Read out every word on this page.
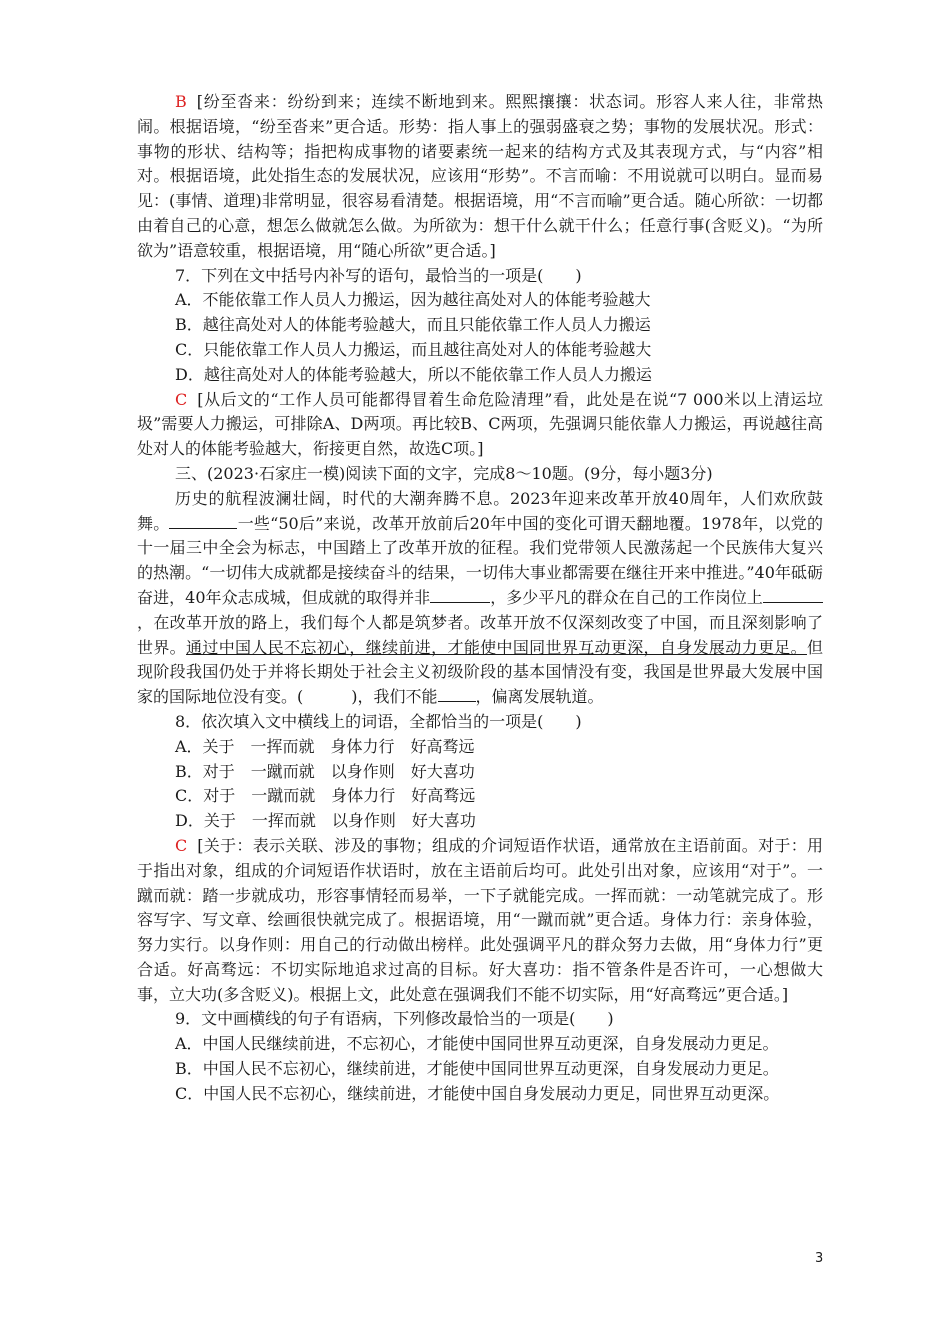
B [纷至沓来：纷纷到来；连续不断地到来。熙熙攘攘：状态词。形容人来人往，非常热闹。根据语境，“纷至沓来”更合适。形势：指人事上的强弱盛衰之势；事物的发展状况。形式：事物的形状、结构等；指把构成事物的诸要素统一起来的结构方式及其表现方式，与“内容”相对。根据语境，此处指生态的发展状况，应该用“形势”。不言而喻：不用说就可以明白。显而易见：(事情、道理)非常明显，很容易看清楚。根据语境，用“不言而喻”更合适。随心所欲：一切都由着自己的心意，想怎么做就怎么做。为所欲为：想干什么就干什么；任意行事(含贬义)。“为所欲为”语意较重，根据语境，用“随心所欲”更合适。]

7．下列在文中括号内补写的语句，最恰当的一项是(　　)

A．不能依靠工作人员人力搬运，因为越往高处对人的体能考验越大

B．越往高处对人的体能考验越大，而且只能依靠工作人员人力搬运

C．只能依靠工作人员人力搬运，而且越往高处对人的体能考验越大

D．越往高处对人的体能考验越大，所以不能依靠工作人员人力搬运

C [从后文的“工作人员可能都得冒着生命危险清理”看，此处是在说“7 000米以上清运垃圾”需要人力搬运，可排除A、D两项。再比较B、C两项，先强调只能依靠人力搬运，再说越往高处对人的体能考验越大，衔接更自然，故选C项。]

三、(2023·石家庄一模)阅读下面的文字，完成8～10题。(9分，每小题3分)

历史的航程波澜壮阔，时代的大潮奔腾不息。2023年迎来改革开放40周年，人们欢欣鼓舞。	一些“50后”来说，改革开放前后20年中国的变化可谓天翻地覆。1978年，以党的十一届三中全会为标志，中国踏上了改革开放的征程。我们党带领人民激荡起一个民族伟大复兴的热潮。“一切伟大成就都是接续奋斗的结果，一切伟大事业都需要在继往开来中推进。”40年砥砺奋进，40年众志成城，但成就的取得并非	，多少平凡的群众在自己的工作岗位上，在改革开放的路上，我们每个人都是筑梦者。改革开放不仅深刻改变了中国，而且深刻影响了世界。通过中国人民不忘初心，继续前进，才能使中国同世界互动更深，自身发展动力更足。但现阶段我国仍处于并将长期处于社会主义初级阶段的基本国情没有变，我国是世界最大发展中国家的国际地位没有变。(	)，我们不能 ，偏离发展轨道。

8．依次填入文中横线上的词语，全都恰当的一项是(　　)

A．关于　一挥而就　身体力行　好高骛远

B．对于　一蹴而就　以身作则　好大喜功

C．对于　一蹴而就　身体力行　好高骛远

D．关于　一挥而就　以身作则　好大喜功

C [关于：表示关联、涉及的事物；组成的介词短语作状语，通常放在主语前面。对于：用于指出对象，组成的介词短语作状语时，放在主语前后均可。此处引出对象，应该用“对于”。一蹴而就：踏一步就成功，形容事情轻而易举，一下子就能完成。一挥而就：一动笔就完成了。形容写字、写文章、绘画很快就完成了。根据语境，用“一蹴而就”更合适。身体力行：亲身体验，努力实行。以身作则：用自己的行动做出榜样。此处强调平凡的群众努力去做，用“身体力行”更合适。好高骛远：不切实际地追求过高的目标。好大喜功：指不管条件是否许可，一心想做大事，立大功(多含贬义)。根据上文，此处意在强调我们不能不切实际，用“好高骛远”更合适。]

9．文中画横线的句子有语病，下列修改最恰当的一项是(　　)

A．中国人民继续前进，不忘初心，才能使中国同世界互动更深，自身发展动力更足。

B．中国人民不忘初心，继续前进，才能使中国同世界互动更深，自身发展动力更足。

C．中国人民不忘初心，继续前进，才能使中国自身发展动力更足，同世界互动更深。

3
